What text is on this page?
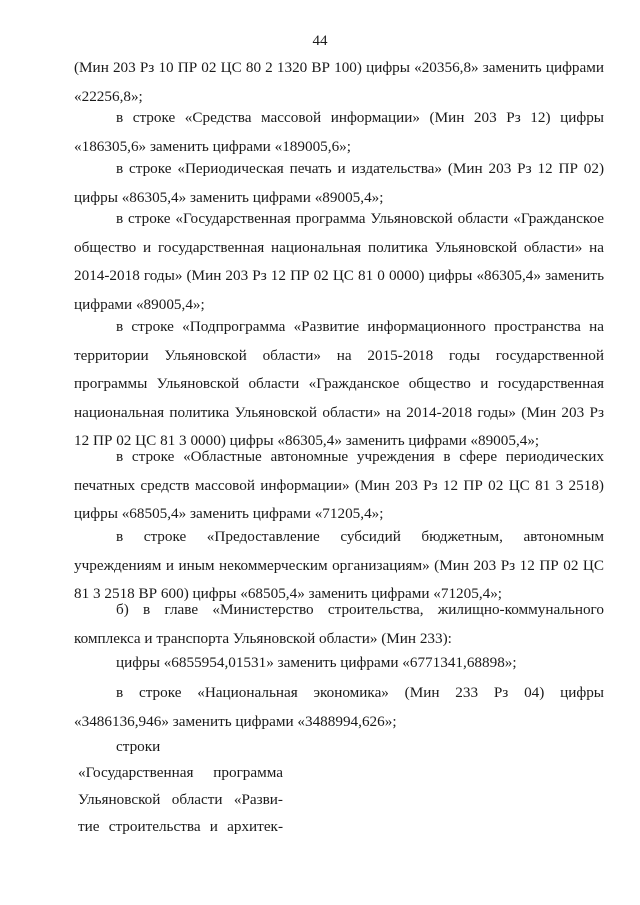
44

(Мин 203 Рз 10 ПР 02 ЦС 80 2 1320 ВР 100) цифры «20356,8» заменить цифрами «22256,8»;

в строке «Средства массовой информации» (Мин 203 Рз 12) цифры «186305,6» заменить цифрами «189005,6»;

в строке «Периодическая печать и издательства» (Мин 203 Рз 12 ПР 02) цифры «86305,4» заменить цифрами «89005,4»;

в строке «Государственная программа Ульяновской области «Гражданское общество и государственная национальная политика Ульяновской области» на 2014-2018 годы» (Мин 203 Рз 12 ПР 02 ЦС 81 0 0000) цифры «86305,4» заменить цифрами «89005,4»;

в строке «Подпрограмма «Развитие информационного пространства на территории Ульяновской области» на 2015-2018 годы государственной программы Ульяновской области «Гражданское общество и государственная национальная политика Ульяновской области» на 2014-2018 годы» (Мин 203 Рз 12 ПР 02 ЦС 81 3 0000) цифры «86305,4» заменить цифрами «89005,4»;

в строке «Областные автономные учреждения в сфере периодических печатных средств массовой информации» (Мин 203 Рз 12 ПР 02 ЦС 81 3 2518) цифры «68505,4» заменить цифрами «71205,4»;

в строке «Предоставление субсидий бюджетным, автономным учреждениям и иным некоммерческим организациям» (Мин 203 Рз 12 ПР 02 ЦС 81 3 2518 ВР 600) цифры «68505,4» заменить цифрами «71205,4»;

б) в главе «Министерство строительства, жилищно-коммунального комплекса и транспорта Ульяновской области» (Мин 233):

цифры «6855954,01531» заменить цифрами «6771341,68898»;

в строке «Национальная экономика» (Мин 233 Рз 04) цифры «3486136,946» заменить цифрами «3488994,626»;

строки

«Государственная программа
Ульяновской области «Разви-
тие строительства и архитек-
